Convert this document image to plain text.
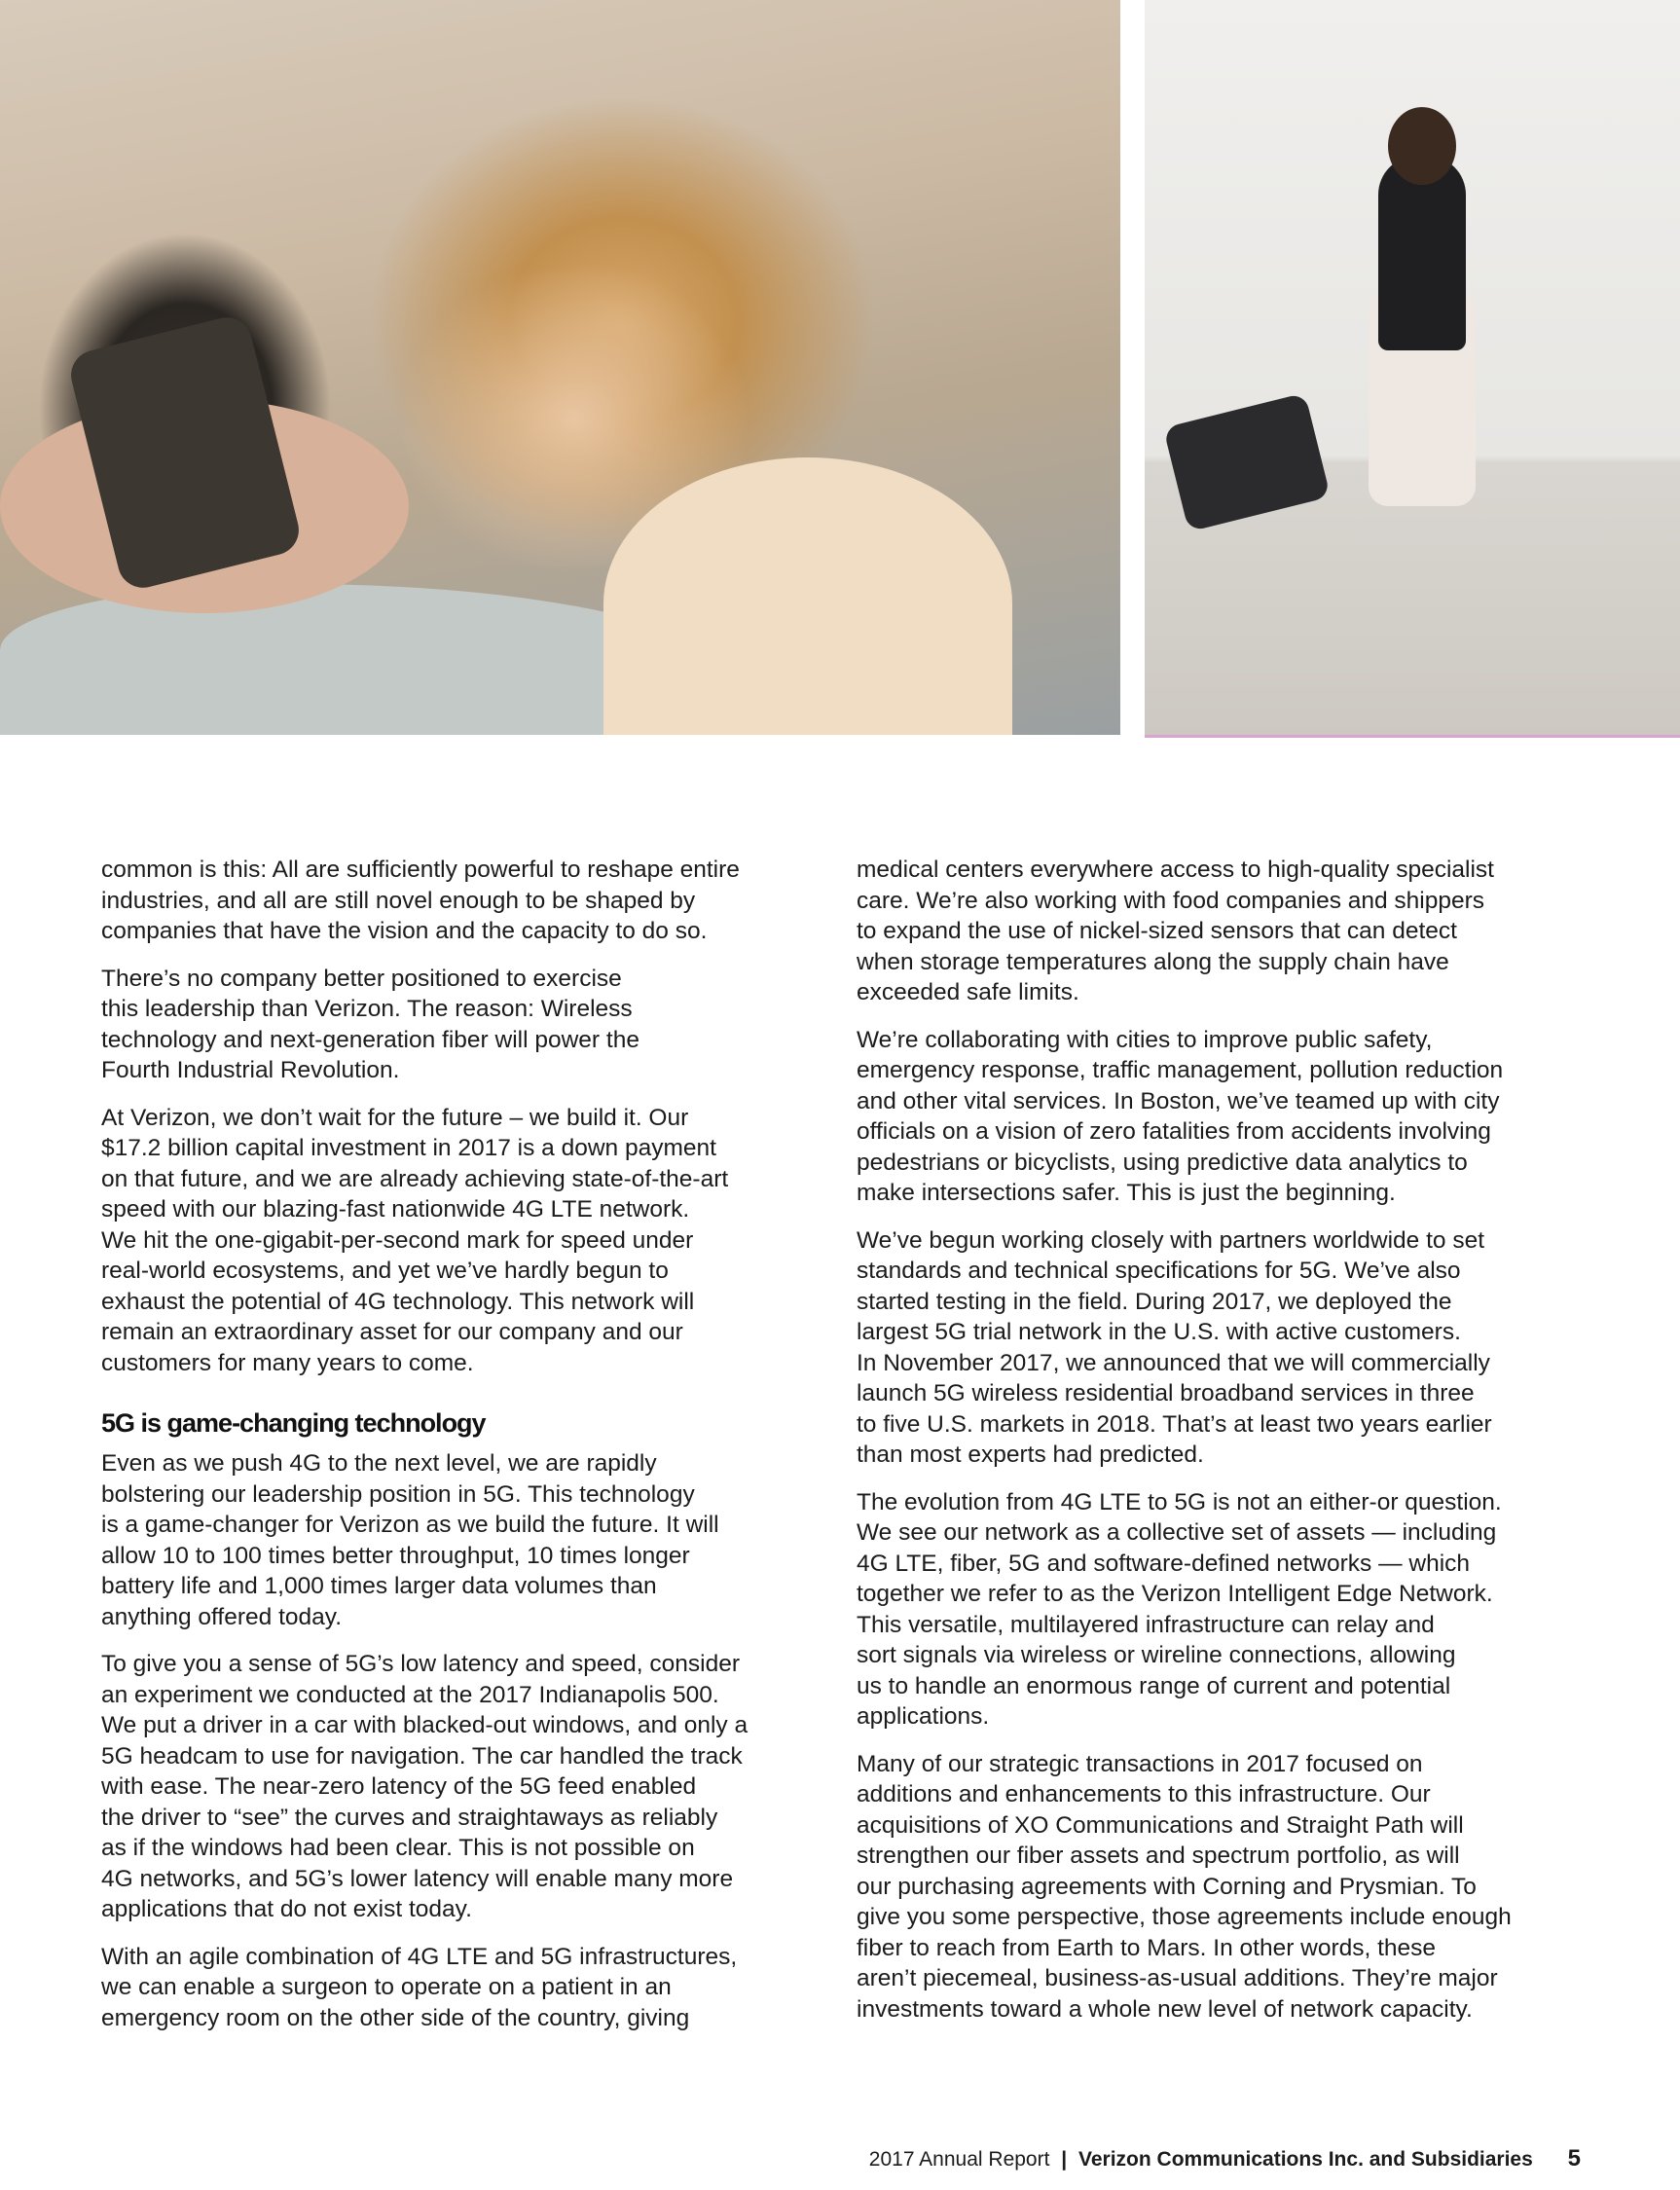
common is this: All are sufficiently powerful to reshape entire
industries, and all are still novel enough to be shaped by
companies that have the vision and the capacity to do so.

There’s no company better positioned to exercise
this leadership than Verizon. The reason: Wireless
technology and next-generation fiber will power the
Fourth Industrial Revolution.

At Verizon, we don’t wait for the future – we build it. Our
$17.2 billion capital investment in 2017 is a down payment
on that future, and we are already achieving state-of-the-art
speed with our blazing-fast nationwide 4G LTE network.
We hit the one-gigabit-per-second mark for speed under
real-world ecosystems, and yet we’ve hardly begun to
exhaust the potential of 4G technology. This network will
remain an extraordinary asset for our company and our
customers for many years to come.

5G is game-changing technology

Even as we push 4G to the next level, we are rapidly
bolstering our leadership position in 5G. This technology
is a game-changer for Verizon as we build the future. It will
allow 10 to 100 times better throughput, 10 times longer
battery life and 1,000 times larger data volumes than
anything offered today.

To give you a sense of 5G’s low latency and speed, consider
an experiment we conducted at the 2017 Indianapolis 500.
We put a driver in a car with blacked-out windows, and only a
5G headcam to use for navigation. The car handled the track
with ease. The near-zero latency of the 5G feed enabled
the driver to “see” the curves and straightaways as reliably
as if the windows had been clear. This is not possible on
4G networks, and 5G’s lower latency will enable many more
applications that do not exist today.

With an agile combination of 4G LTE and 5G infrastructures,
we can enable a surgeon to operate on a patient in an
emergency room on the other side of the country, giving

medical centers everywhere access to high-quality specialist
care. We’re also working with food companies and shippers
to expand the use of nickel-sized sensors that can detect
when storage temperatures along the supply chain have
exceeded safe limits.

We’re collaborating with cities to improve public safety,
emergency response, traffic management, pollution reduction
and other vital services. In Boston, we’ve teamed up with city
officials on a vision of zero fatalities from accidents involving
pedestrians or bicyclists, using predictive data analytics to
make intersections safer. This is just the beginning.

We’ve begun working closely with partners worldwide to set
standards and technical specifications for 5G. We’ve also
started testing in the field. During 2017, we deployed the
largest 5G trial network in the U.S. with active customers.
In November 2017, we announced that we will commercially
launch 5G wireless residential broadband services in three
to five U.S. markets in 2018. That’s at least two years earlier
than most experts had predicted.

The evolution from 4G LTE to 5G is not an either-or question.
We see our network as a collective set of assets — including
4G LTE, fiber, 5G and software-defined networks — which
together we refer to as the Verizon Intelligent Edge Network.
This versatile, multilayered infrastructure can relay and
sort signals via wireless or wireline connections, allowing
us to handle an enormous range of current and potential
applications.

Many of our strategic transactions in 2017 focused on
additions and enhancements to this infrastructure. Our
acquisitions of XO Communications and Straight Path will
strengthen our fiber assets and spectrum portfolio, as will
our purchasing agreements with Corning and Prysmian. To
give you some perspective, those agreements include enough
fiber to reach from Earth to Mars. In other words, these
aren’t piecemeal, business-as-usual additions. They’re major
investments toward a whole new level of network capacity.

2017 Annual Report | Verizon Communications Inc. and Subsidiaries 5
